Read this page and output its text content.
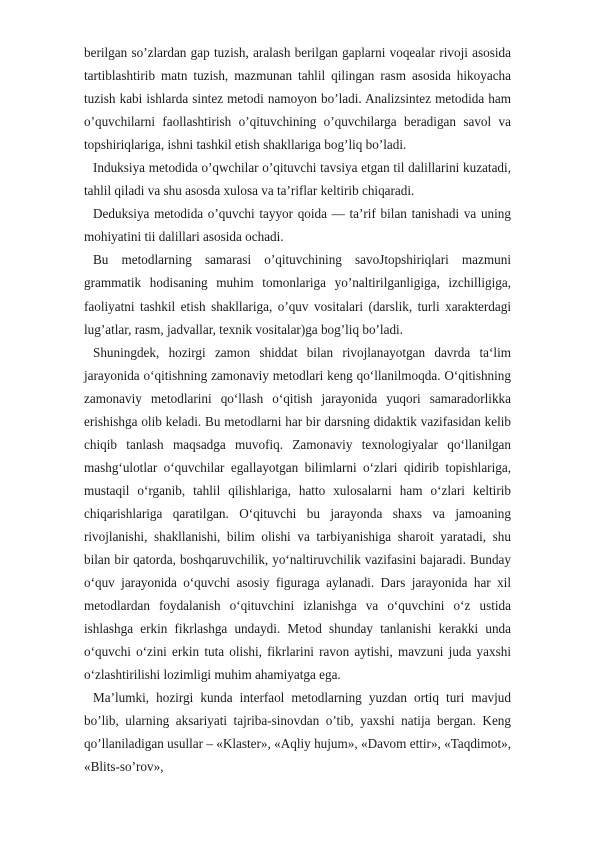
berilgan so’zlardan gap tuzish, aralash berilgan gaplarni voqealar rivoji asosida tartiblashtirib matn tuzish, mazmunan tahlil qilingan rasm asosida hikoyacha tuzish kabi ishlarda sintez metodi namoyon bo’ladi. Analizsintez metodida ham o’quvchilarni faollashtirish o’qituvchining o’quvchilarga beradigan savol va topshiriqlariga, ishni tashkil etish shakllariga bog’liq bo’ladi.

Induksiya metodida o’qwchilar o’qituvchi tavsiya etgan til dalillarini kuzatadi, tahlil qiladi va shu asosda xulosa va ta’riflar keltirib chiqaradi.

Deduksiya metodida o’quvchi tayyor qoida — ta’rif bilan tanishadi va uning mohiyatini tii dalillari asosida ochadi.

Bu metodlarning samarasi o’qituvchining savoJtopshiriqlari mazmuni grammatik hodisaning muhim tomonlariga yo’naltirilganligiga, izchilligiga, faoliyatni tashkil etish shakllariga, o’quv vositalari (darslik, turli xarakterdagi lug’atlar, rasm, jadvallar, texnik vositalar)ga bog’liq bo’ladi.

Shuningdek, hozirgi zamon shiddat bilan rivojlanayotgan davrda ta‘lim jarayonida o‘qitishning zamonaviy metodlari keng qo‘llanilmoqda. O‘qitishning zamonaviy metodlarini qo‘llash o‘qitish jarayonida yuqori samaradorlikka erishishga olib keladi. Bu metodlarni har bir darsning didaktik vazifasidan kelib chiqib tanlash maqsadga muvofiq. Zamonaviy texnologiyalar qo‘llanilgan mashg‘ulotlar o‘quvchilar egallayotgan bilimlarni o‘zlari qidirib topishlariga, mustaqil o‘rganib, tahlil qilishlariga, hatto xulosalarni ham o‘zlari keltirib chiqarishlariga qaratilgan. O‘qituvchi bu jarayonda shaxs va jamoaning rivojlanishi, shakllanishi, bilim olishi va tarbiyanishiga sharoit yaratadi, shu bilan bir qatorda, boshqaruvchilik, yo‘naltiruvchilik vazifasini bajaradi. Bunday o‘quv jarayonida o‘quvchi asosiy figuraga aylanadi. Dars jarayonida har xil metodlardan foydalanish o‘qituvchini izlanishga va o‘quvchini o‘z ustida ishlashga erkin fikrlashga undaydi. Metod shunday tanlanishi kerakki unda o‘quvchi o‘zini erkin tuta olishi, fikrlarini ravon aytishi, mavzuni juda yaxshi o‘zlashtirilishi lozimligi muhim ahamiyatga ega.

Ma’lumki, hozirgi kunda interfaol metodlarning yuzdan ortiq turi mavjud bo’lib, ularning aksariyati tajriba-sinovdan o’tib, yaxshi natija bergan. Keng qo’llaniladigan usullar – «Klaster», «Aqliy hujum», «Davom ettir», «Taqdimot», «Blits-so’rov»,
